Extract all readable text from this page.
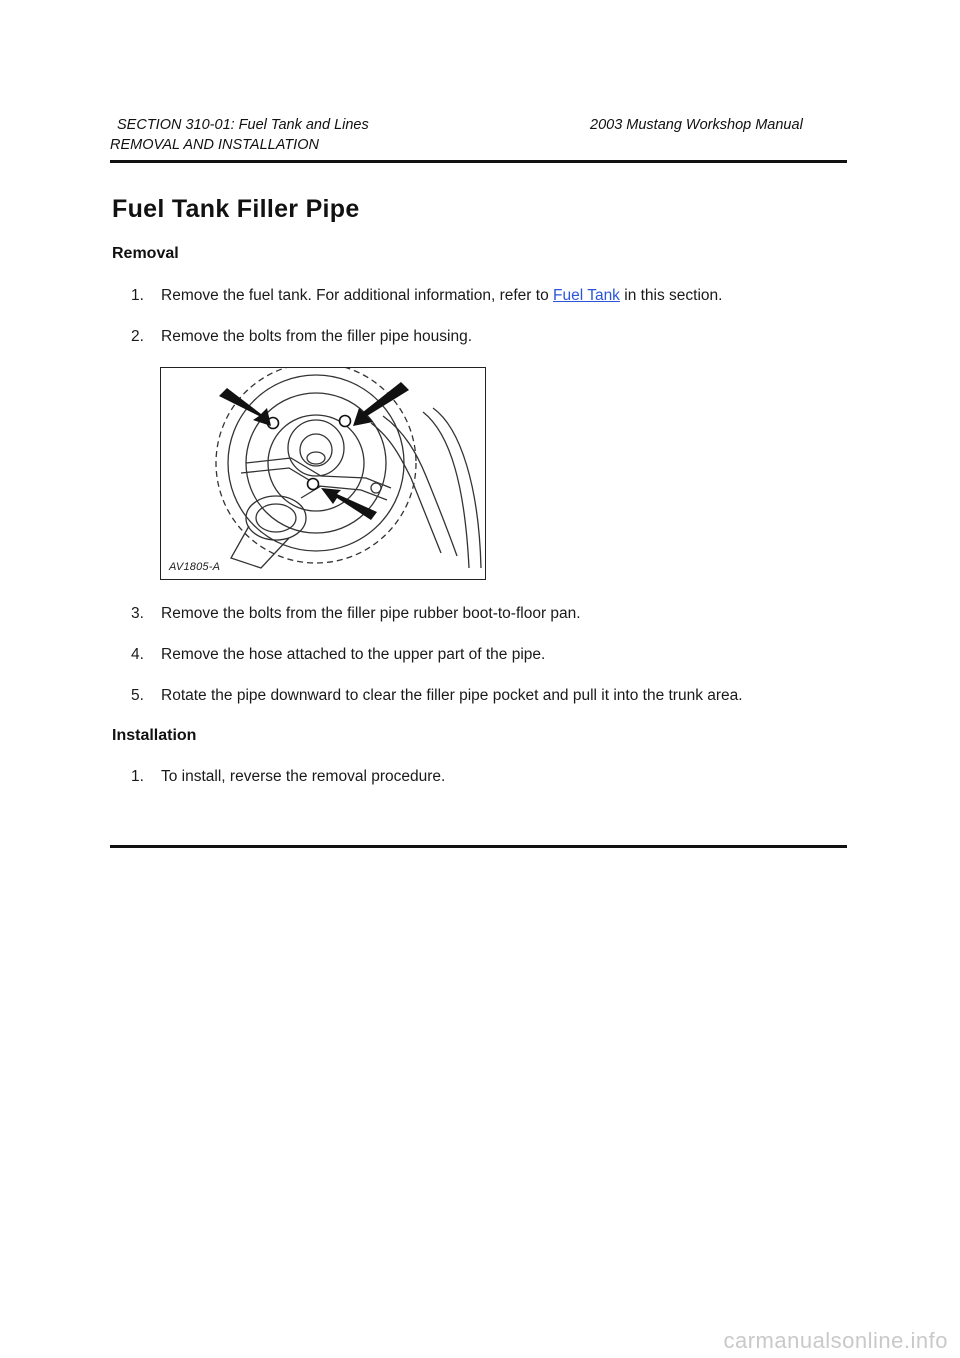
SECTION 310-01: Fuel Tank and Lines	2003 Mustang Workshop Manual
REMOVAL AND INSTALLATION
Fuel Tank Filler Pipe
Removal
1. Remove the fuel tank. For additional information, refer to Fuel Tank in this section.
2. Remove the bolts from the filler pipe housing.
AV1805-A
3. Remove the bolts from the filler pipe rubber boot-to-floor pan.
4. Remove the hose attached to the upper part of the pipe.
5. Rotate the pipe downward to clear the filler pipe pocket and pull it into the trunk area.
Installation
1. To install, reverse the removal procedure.
carmanualsonline.info
